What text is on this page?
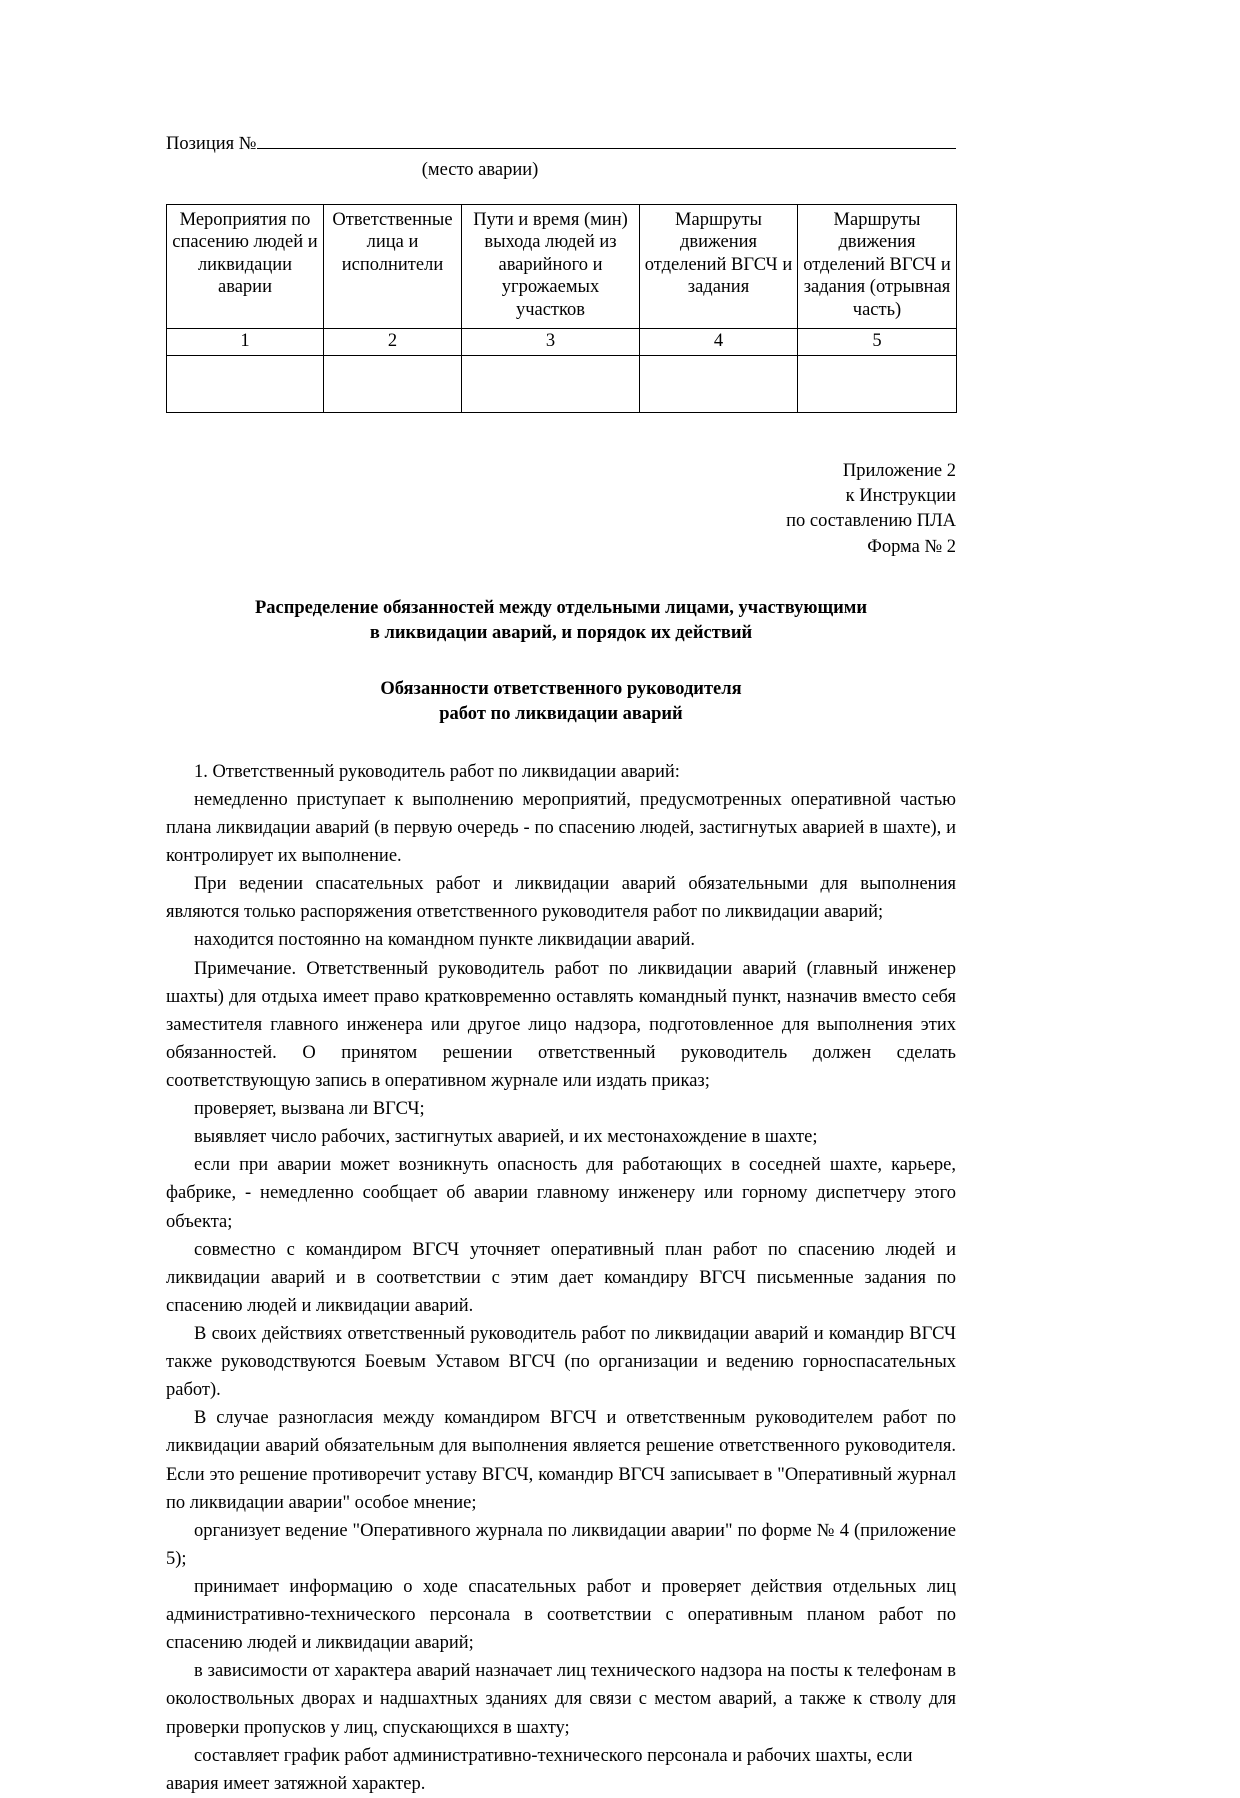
Позиция №
(место аварии)
Мероприятия по спасению людей и ликвидации аварии	Ответственные лица и исполнители	Пути и время (мин) выхода людей из аварийного и угрожаемых участков	Маршруты движения отделений ВГСЧ и задания	Маршруты движения отделений ВГСЧ и задания (отрывная часть)
1	2	3	4	5

Приложение 2
к Инструкции
по составлению ПЛА
Форма № 2
Распределение обязанностей между отдельными лицами, участвующими
в ликвидации аварий, и порядок их действий
Обязанности ответственного руководителя
работ по ликвидации аварий

1. Ответственный руководитель работ по ликвидации аварий:

немедленно приступает к выполнению мероприятий, предусмотренных оперативной частью плана ликвидации аварий (в первую очередь - по спасению людей, застигнутых аварией в шахте), и контролирует их выполнение.

При ведении спасательных работ и ликвидации аварий обязательными для выполнения являются только распоряжения ответственного руководителя работ по ликвидации аварий;

находится постоянно на командном пункте ликвидации аварий.

Примечание. Ответственный руководитель работ по ликвидации аварий (главный инженер шахты) для отдыха имеет право кратковременно оставлять командный пункт, назначив вместо себя заместителя главного инженера или другое лицо надзора, подготовленное для выполнения этих обязанностей. О принятом решении ответственный руководитель должен сделать соответствующую запись в оперативном журнале или издать приказ;

проверяет, вызвана ли ВГСЧ;

выявляет число рабочих, застигнутых аварией, и их местонахождение в шахте;

если при аварии может возникнуть опасность для работающих в соседней шахте, карьере, фабрике, - немедленно сообщает об аварии главному инженеру или горному диспетчеру этого объекта;

совместно с командиром ВГСЧ уточняет оперативный план работ по спасению людей и ликвидации аварий и в соответствии с этим дает командиру ВГСЧ письменные задания по спасению людей и ликвидации аварий.

В своих действиях ответственный руководитель работ по ликвидации аварий и командир ВГСЧ также руководствуются Боевым Уставом ВГСЧ (по организации и ведению горноспасательных работ).

В случае разногласия между командиром ВГСЧ и ответственным руководителем работ по ликвидации аварий обязательным для выполнения является решение ответственного руководителя. Если это решение противоречит уставу ВГСЧ, командир ВГСЧ записывает в "Оперативный журнал по ликвидации аварии" особое мнение;

организует ведение "Оперативного журнала по ликвидации аварии" по форме № 4 (приложение 5);

принимает информацию о ходе спасательных работ и проверяет действия отдельных лиц административно-технического персонала в соответствии с оперативным планом работ по спасению людей и ликвидации аварий;

в зависимости от характера аварий назначает лиц технического надзора на посты к телефонам в околоствольных дворах и надшахтных зданиях для связи с местом аварий, а также к стволу для проверки пропусков у лиц, спускающихся в шахту;

составляет график работ административно-технического персонала и рабочих шахты, если авария имеет затяжной характер.
